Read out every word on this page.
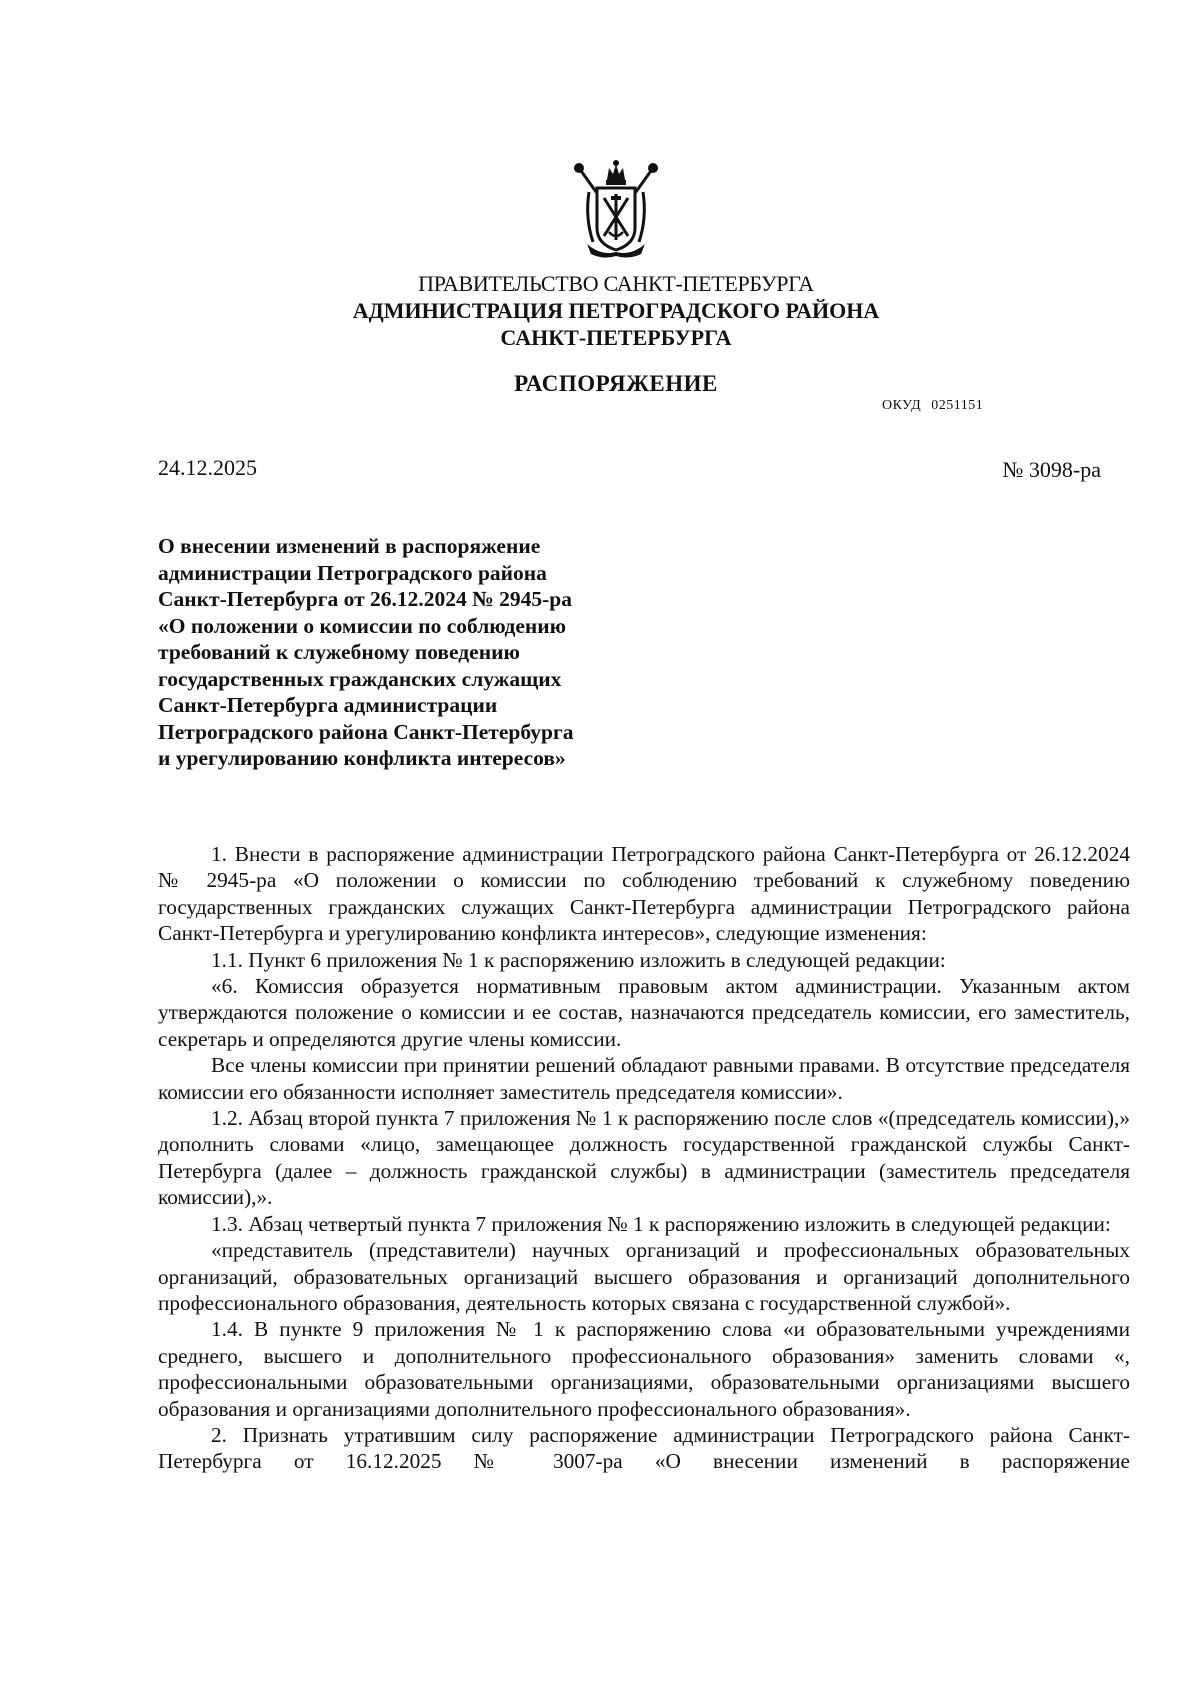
ПРАВИТЕЛЬСТВО САНКТ-ПЕТЕРБУРГА
АДМИНИСТРАЦИЯ ПЕТРОГРАДСКОГО РАЙОНА
САНКТ-ПЕТЕРБУРГА
РАСПОРЯЖЕНИЕ
ОКУД 0251151
24.12.2025	№ 3098-ра
О внесении изменений в распоряжение
администрации Петроградского района
Санкт-Петербурга от 26.12.2024 № 2945-ра
«О положении о комиссии по соблюдению
требований к служебному поведению
государственных гражданских служащих
Санкт-Петербурга администрации
Петроградского района Санкт-Петербурга
и урегулированию конфликта интересов»

1. Внести в распоряжение администрации Петроградского района Санкт-Петербурга от 26.12.2024 № 2945-ра «О положении о комиссии по соблюдению требований к служебному поведению государственных гражданских служащих Санкт-Петербурга администрации Петроградского района Санкт-Петербурга и урегулированию конфликта интересов», следующие изменения:

1.1. Пункт 6 приложения № 1 к распоряжению изложить в следующей редакции:

«6. Комиссия образуется нормативным правовым актом администрации. Указанным актом утверждаются положение о комиссии и ее состав, назначаются председатель комиссии, его заместитель, секретарь и определяются другие члены комиссии.

Все члены комиссии при принятии решений обладают равными правами. В отсутствие председателя комиссии его обязанности исполняет заместитель председателя комиссии».

1.2. Абзац второй пункта 7 приложения № 1 к распоряжению после слов «(председатель комиссии),» дополнить словами «лицо, замещающее должность государственной гражданской службы Санкт-Петербурга (далее – должность гражданской службы) в администрации (заместитель председателя комиссии),».

1.3. Абзац четвертый пункта 7 приложения № 1 к распоряжению изложить в следующей редакции:

«представитель (представители) научных организаций и профессиональных образовательных организаций, образовательных организаций высшего образования и организаций дополнительного профессионального образования, деятельность которых связана с государственной службой».

1.4. В пункте 9 приложения № 1 к распоряжению слова «и образовательными учреждениями среднего, высшего и дополнительного профессионального образования» заменить словами «, профессиональными образовательными организациями, образовательными организациями высшего образования и организациями дополнительного профессионального образования».

2. Признать утратившим силу распоряжение администрации Петроградского района Санкт-Петербурга от 16.12.2025 № 3007-ра «О внесении изменений в распоряжение
